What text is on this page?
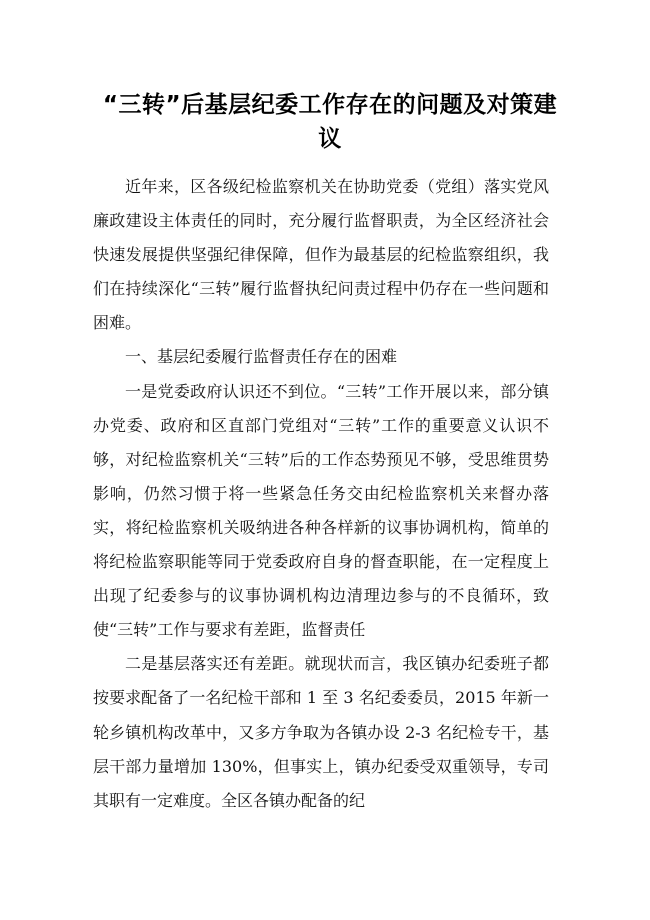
“三转”后基层纪委工作存在的问题及对策建议

近年来，区各级纪检监察机关在协助党委（党组）落实党风廉政建设主体责任的同时，充分履行监督职责，为全区经济社会快速发展提供坚强纪律保障，但作为最基层的纪检监察组织，我们在持续深化“三转”履行监督执纪问责过程中仍存在一些问题和困难。

一、基层纪委履行监督责任存在的困难

一是党委政府认识还不到位。“三转”工作开展以来，部分镇办党委、政府和区直部门党组对“三转”工作的重要意义认识不够，对纪检监察机关“三转”后的工作态势预见不够，受思维贯势影响，仍然习惯于将一些紧急任务交由纪检监察机关来督办落实，将纪检监察机关吸纳进各种各样新的议事协调机构，简单的将纪检监察职能等同于党委政府自身的督查职能，在一定程度上出现了纪委参与的议事协调机构边清理边参与的不良循环，致使“三转”工作与要求有差距，监督责任

二是基层落实还有差距。就现状而言，我区镇办纪委班子都按要求配备了一名纪检干部和 1 至 3 名纪委委员，2015 年新一轮乡镇机构改革中，又多方争取为各镇办设 2-3 名纪检专干，基层干部力量增加 130%，但事实上，镇办纪委受双重领导，专司其职有一定难度。全区各镇办配备的纪
